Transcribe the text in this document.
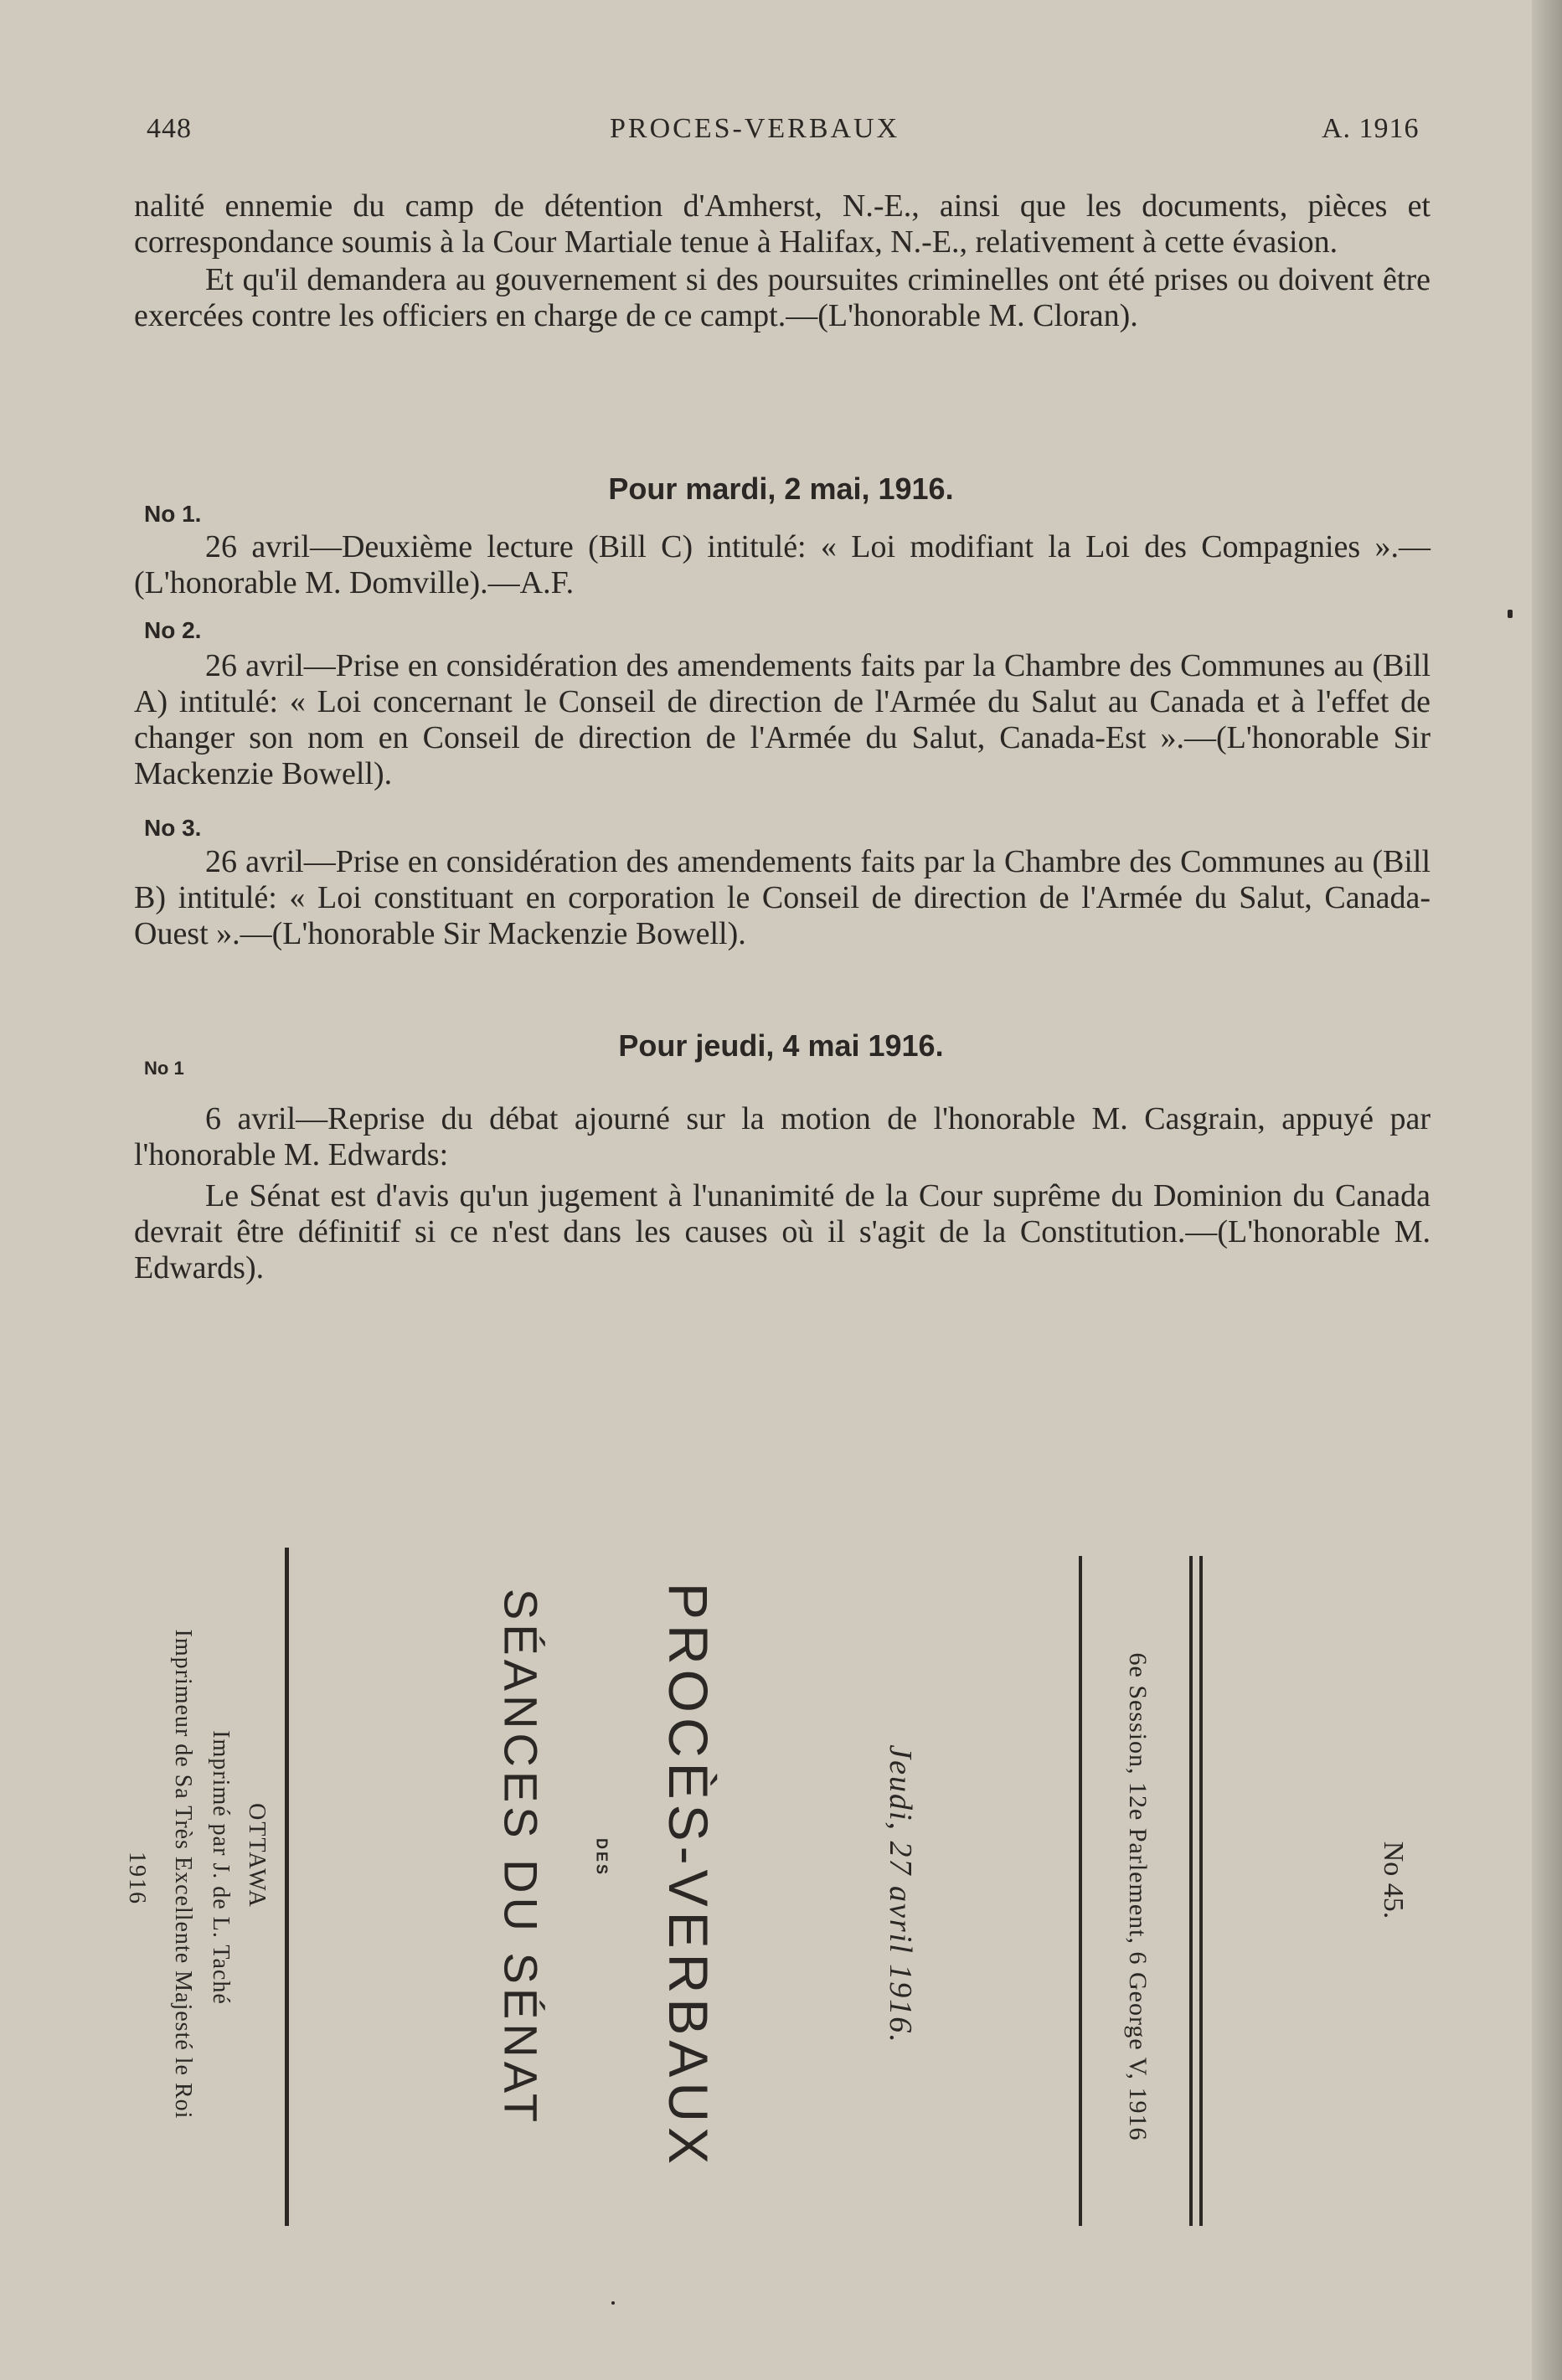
448	PROCES-VERBAUX	A. 1916

nalité ennemie du camp de détention d'Amherst, N.-E., ainsi que les documents, pièces et correspondance soumis à la Cour Martiale tenue à Halifax, N.-E., relativement à cette évasion.

Et qu'il demandera au gouvernement si des poursuites criminelles ont été prises ou doivent être exercées contre les officiers en charge de ce campt.—(L'honorable M. Cloran).

Pour mardi, 2 mai, 1916.
No 1.

26 avril—Deuxième lecture (Bill C) intitulé: « Loi modifiant la Loi des Compagnies ».—(L'honorable M. Domville).—A.F.

No 2.

26 avril—Prise en considération des amendements faits par la Chambre des Communes au (Bill A) intitulé: « Loi concernant le Conseil de direction de l'Armée du Salut au Canada et à l'effet de changer son nom en Conseil de direction de l'Armée du Salut, Canada-Est ».—(L'honorable Sir Mackenzie Bowell).

No 3.

26 avril—Prise en considération des amendements faits par la Chambre des Communes au (Bill B) intitulé: « Loi constituant en corporation le Conseil de direction de l'Armée du Salut, Canada-Ouest ».—(L'honorable Sir Mackenzie Bowell).

Pour jeudi, 4 mai 1916.
No 1

6 avril—Reprise du débat ajourné sur la motion de l'honorable M. Casgrain, appuyé par l'honorable M. Edwards:

Le Sénat est d'avis qu'un jugement à l'unanimité de la Cour suprême du Dominion du Canada devrait être définitif si ce n'est dans les causes où il s'agit de la Constitution.—(L'honorable M. Edwards).

No 45.
6e Session, 12e Parlement, 6 George V, 1916
Jeudi, 27 avril 1916.
PROCÈS-VERBAUX
DES
SÉANCES DU SÉNAT
OTTAWA
Imprimé par J. de L. Taché
Imprimeur de Sa Très Excellente Majesté le Roi
1916
